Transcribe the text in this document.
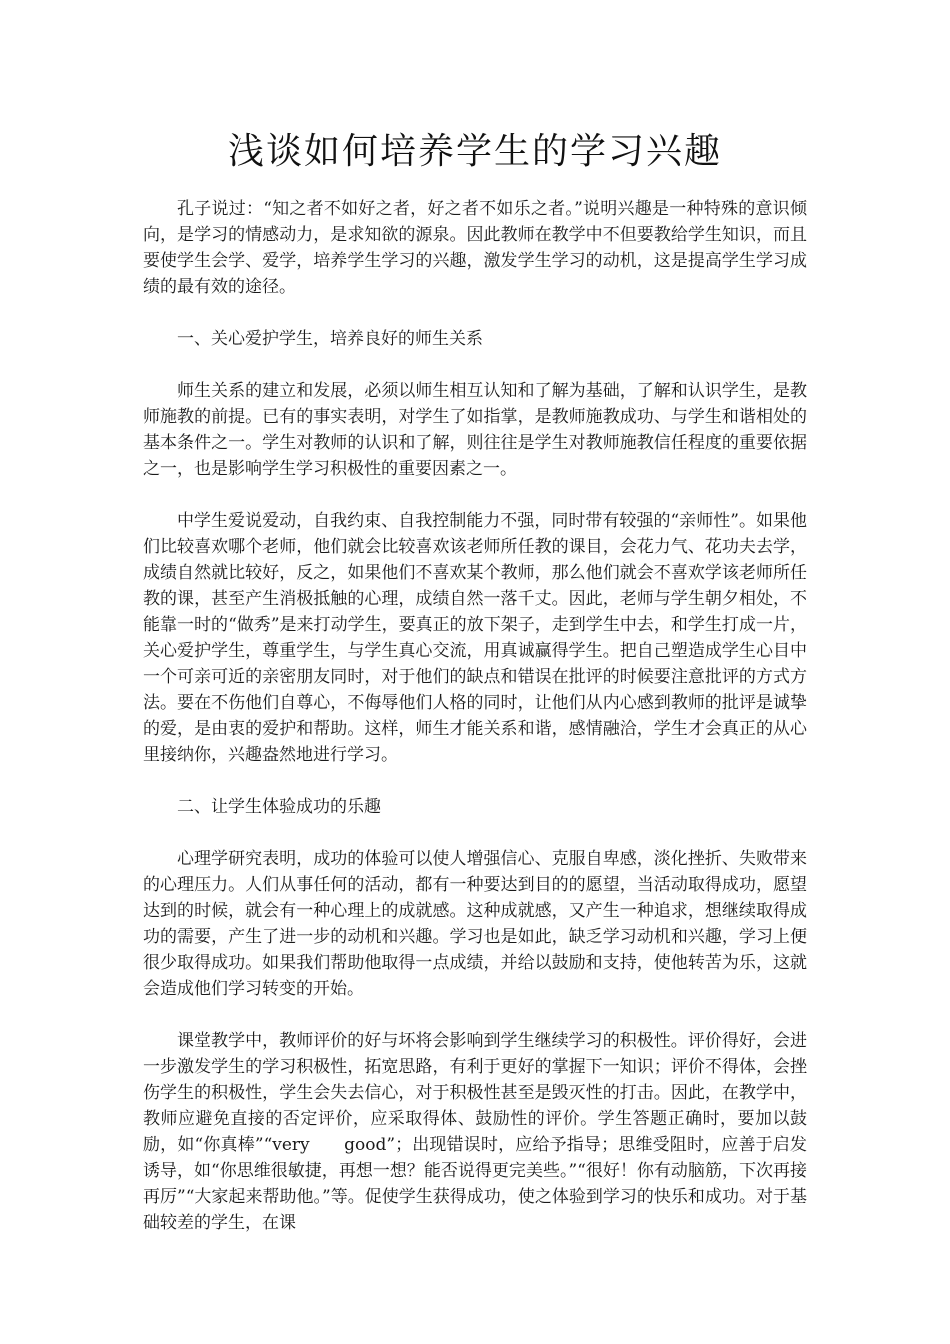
浅谈如何培养学生的学习兴趣

孔子说过：“知之者不如好之者，好之者不如乐之者。”说明兴趣是一种特殊的意识倾向，是学习的情感动力，是求知欲的源泉。因此教师在教学中不但要教给学生知识，而且要使学生会学、爱学，培养学生学习的兴趣，激发学生学习的动机，这是提高学生学习成绩的最有效的途径。

一、关心爱护学生，培养良好的师生关系

师生关系的建立和发展，必须以师生相互认知和了解为基础，了解和认识学生，是教师施教的前提。已有的事实表明，对学生了如指掌，是教师施教成功、与学生和谐相处的基本条件之一。学生对教师的认识和了解，则往往是学生对教师施教信任程度的重要依据之一，也是影响学生学习积极性的重要因素之一。

中学生爱说爱动，自我约束、自我控制能力不强，同时带有较强的“亲师性”。如果他们比较喜欢哪个老师，他们就会比较喜欢该老师所任教的课目，会花力气、花功夫去学，成绩自然就比较好，反之，如果他们不喜欢某个教师，那么他们就会不喜欢学该老师所任教的课，甚至产生消极抵触的心理，成绩自然一落千丈。因此，老师与学生朝夕相处，不能靠一时的“做秀”是来打动学生，要真正的放下架子，走到学生中去，和学生打成一片，关心爱护学生，尊重学生，与学生真心交流，用真诚赢得学生。把自己塑造成学生心目中一个可亲可近的亲密朋友同时，对于他们的缺点和错误在批评的时候要注意批评的方式方法。要在不伤他们自尊心，不侮辱他们人格的同时，让他们从内心感到教师的批评是诚挚的爱，是由衷的爱护和帮助。这样，师生才能关系和谐，感情融洽，学生才会真正的从心里接纳你，兴趣盎然地进行学习。

二、让学生体验成功的乐趣

心理学研究表明，成功的体验可以使人增强信心、克服自卑感，淡化挫折、失败带来的心理压力。人们从事任何的活动，都有一种要达到目的的愿望，当活动取得成功，愿望达到的时候，就会有一种心理上的成就感。这种成就感，又产生一种追求，想继续取得成功的需要，产生了进一步的动机和兴趣。学习也是如此，缺乏学习动机和兴趣，学习上便很少取得成功。如果我们帮助他取得一点成绩，并给以鼓励和支持，使他转苦为乐，这就会造成他们学习转变的开始。

课堂教学中，教师评价的好与坏将会影响到学生继续学习的积极性。评价得好，会进一步激发学生的学习积极性，拓宽思路，有利于更好的掌握下一知识；评价不得体，会挫伤学生的积极性，学生会失去信心，对于积极性甚至是毁灭性的打击。因此，在教学中，教师应避免直接的否定评价，应采取得体、鼓励性的评价。学生答题正确时，要加以鼓励，如“你真棒”“very　　good”；出现错误时，应给予指导；思维受阻时，应善于启发诱导，如“你思维很敏捷，再想一想？能否说得更完美些。”“很好！你有动脑筋，下次再接再厉”“大家起来帮助他。”等。促使学生获得成功，使之体验到学习的快乐和成功。对于基础较差的学生，在课
